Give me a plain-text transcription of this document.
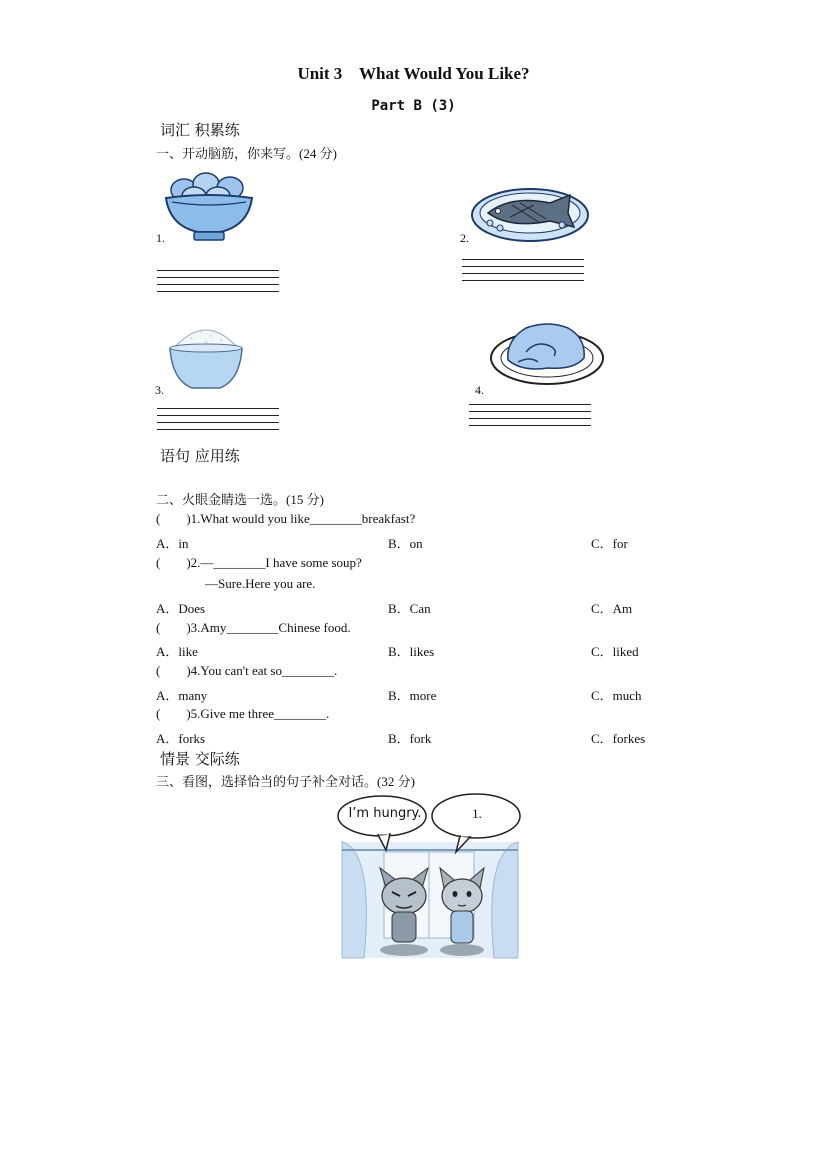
Unit 3 What Would You Like?
Part B (3)
词汇 积累练
一、开动脑筋，你来写。(24 分)
1.	2.
3.	4.
语句 应用练
二、火眼金睛选一选。(15 分)
(        )1.What would you like________breakfast?
A．in	B．on	C．for
(        )2.—________I have some soup?
—Sure.Here you are.
A．Does	B．Can	C．Am
(        )3.Amy________Chinese food.
A．like	B．likes	C．liked
(        )4.You can't eat so________.
A．many	B．more	C．much
(        )5.Give me three________.
A．forks	B．fork	C．forkes
情景 交际练
三、看图，选择恰当的句子补全对话。(32 分)
I’m hungry.	1.
